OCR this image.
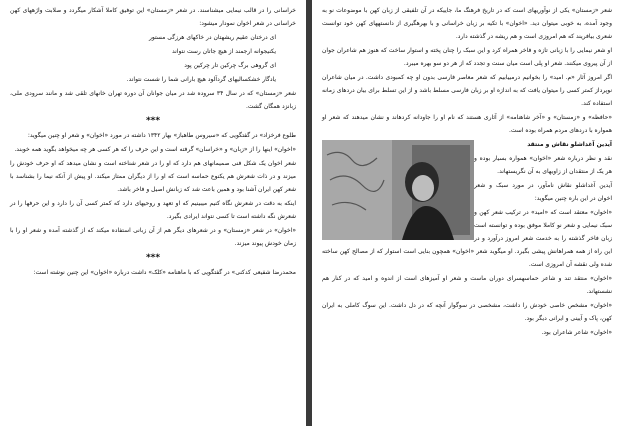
خراسانی را در قالب نیمایی میشناسند. در شعر «زمستان» این توفیق کاملا آشکار میگردد و صلابت واژههای کهن خراسانی در شعر اخوان نمودار میشود:

ای درختان عقیم ریشهتان در خاکهای هرزگی مستور

یکنیجوانه ارجمند از هیچ جاتان رست نتواند

ای گروهی برگ چرکین تار چرکین پود

یادگار خشکسالیهای گردآلود هیچ بارانی شما را شست نتواند.

شعر «زمستان» که در سال ۳۴ سروده شد در میان جوانان آن دوره تهران خانهای تلقی شد و مانند سرودی ملی، زبانزد همگان گشت.

***

طلوع فرخزاد» در گفتگویی که «سیروس طاهباز» بهار ۱۳۴۲ داشته در مورد «اخوان» و شعر او چنین میگوید:

«اخوان» اینها را از «زبان» و «خراسان» گرفته است و این حرف را که هر کسی هر چه میخواهد بگوید همه خوبند.

شعر اخوان یک شکل فنی صمیمانهای هم دارد که او را در شعر شناخته است و نشان میدهد که او حرف خودش را میزند و در ذات شعرش هم یکنوع حماسه است که او را از دیگران ممتاز میکند. او پیش از آنکه نیما را بشناسد با شعر کهن ایران آشنا بود و همین باعث شد که زبانش اصیل و فاخر باشد.

اینکه به دقت در شعرش نگاه کنیم میبینیم که او تعهد و روحیهای دارد که کمتر کسی آن را دارد و این حرفها را در شعرش نگه داشته است تا کسی نتواند ایرادی بگیرد.

«اخوان» در شعر «زمستان» و در شعرهای دیگر هم از آن زبانی استفاده میکند که از گذشته آمده و شعر او را با زمان خودش پیوند میزند.

***

محمدرضا شفیعی کدکنی» در گفتگویی که با ماهنامه «کلک» داشت درباره «اخوان» این چنین نوشته است:

شعر «زمستان» یکی از نوآوریهای است که در تاریخ فرهنگ ما، جاییکه در آن تلفیقی از زبان کهن با موضوعات نو به وجود آمده، به خوبی میتوان دید. «اخوان» با تکیه بر زبان خراسانی و با بهرهگیری از دانستههای کهن خود توانست شعری بیافریند که هم امروزی است و هم ریشه در گذشته دارد.

او شعر نیمایی را با زبانی تازه و فاخر همراه کرد و این سبک را چنان پخته و استوار ساخت که هنوز هم شاعران جوان از آن پیروی میکنند. شعر او پلی است میان سنت و تجدد که از هر دو سو بهره میبرد.

اگر امروز آثار «م. امید» را بخوانیم درمییابیم که شعر معاصر فارسی بدون او چه کمبودی داشت. در میان شاعران نوپرداز کمتر کسی را میتوان یافت که به اندازه او بر زبان فارسی مسلط باشد و از این تسلط برای بیان دردهای زمانه استفاده کند.

«حافظه» و «زمستان» و «آخر شاهنامه» از آثاری هستند که نام او را جاودانه کردهاند و نشان میدهند که شعر او همواره با دردهای مردم همراه بوده است.

آیدین آغداشلو نقاش و منتقد

نقد و نظر درباره شعر «اخوان» همواره بسیار بوده و هر یک از منتقدان از زاویهای به آن نگریستهاند.

آیدین آغداشلو نقاش نامآور، در مورد سبک و شعر اخوان در این باره چنین میگوید:

«اخوان» معتقد است که «امید» در ترکیب شعر کهن و سبک نیمایی و شعر نو کاملا موفق بوده و توانسته است زبان فاخر گذشته را به خدمت شعر امروز درآورد و در این راه از همه همراهانش پیشی بگیرد. او میگوید شعر «اخوان» همچون بنایی است استوار که از مصالح کهن ساخته شده ولی نقشه آن امروزی است.

«اخوان» منتقد تند و شاعر حماسهسرای دوران ماست و شعر او آمیزهای است از اندوه و امید که در کنار هم نشستهاند.

«اخوان» مشخص خاصی خودش را داشت، مشخصی در سوگوار آنچه که در دل داشت. این سوگ کاملی به ایران کهن، پاک و آیینی و ایرانی دیگر بود.

«اخوان» شاعر شاعران بود.
